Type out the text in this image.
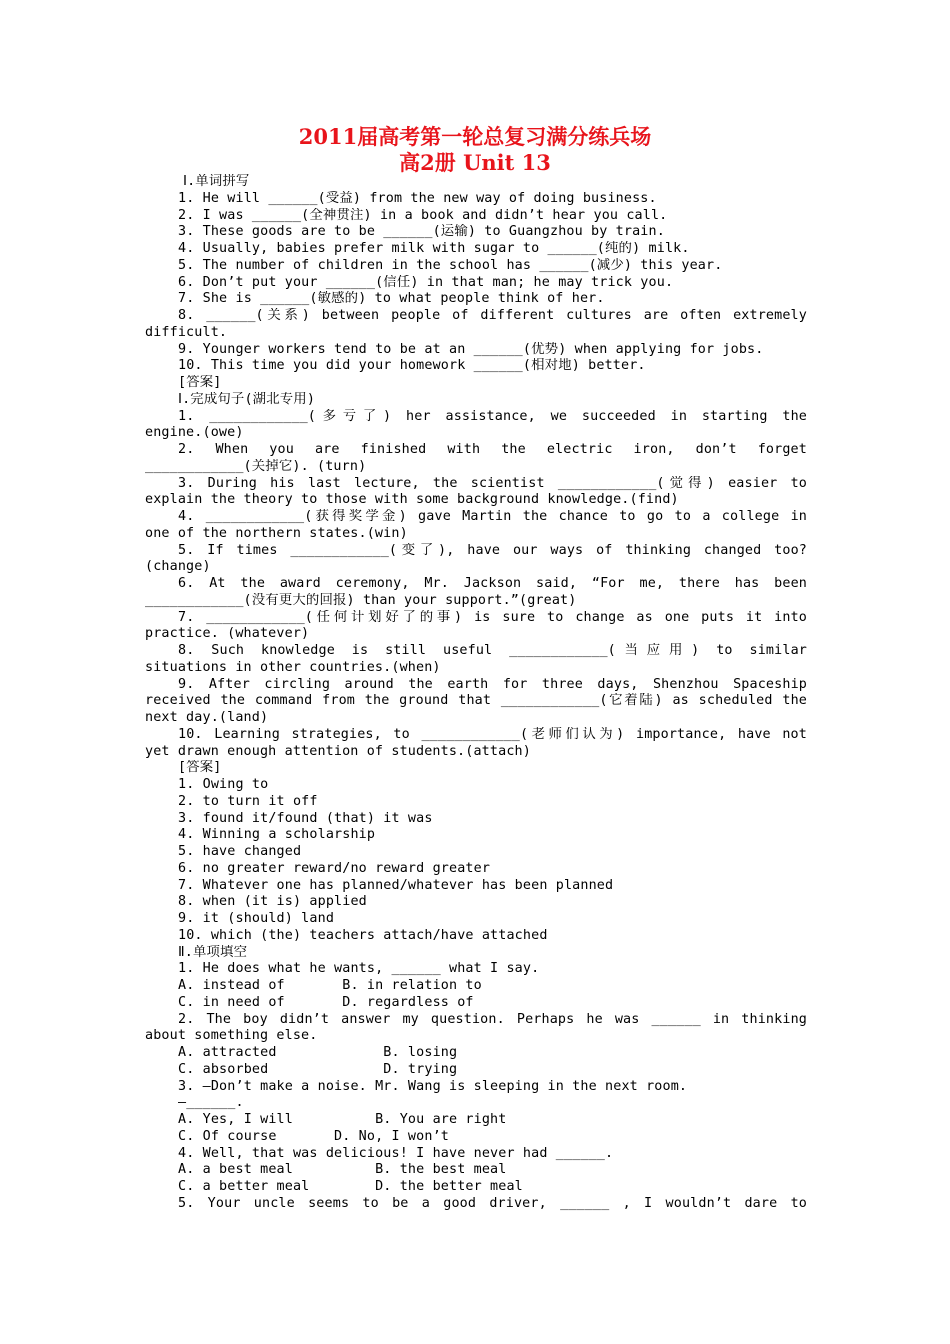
2011届高考第一轮总复习满分练兵场
高2册 Unit 13
Ⅰ.单词拼写
1. He will ______(受益) from the new way of doing business.
2. I was ______(全神贯注) in a book and didn’t hear you call.
3. These goods are to be ______(运输) to Guangzhou by train.
4. Usually, babies prefer milk with sugar to ______(纯的) milk.
5. The number of children in the school has ______(减少) this year.
6. Don’t put your ______(信任) in that man; he may trick you.
7. She is ______(敏感的) to what people think of her.
8. ______(关系) between people of different cultures are often extremely
difficult.
9. Younger workers tend to be at an ______(优势) when applying for jobs.
10. This time you did your homework ______(相对地) better.
[答案]
Ⅰ.完成句子(湖北专用)
1. ____________(多亏了) her assistance, we succeeded in starting the
engine.(owe)
2. When you are finished with the electric iron, don’t forget
____________(关掉它). (turn)
3. During his last lecture, the scientist ____________(觉得) easier to
explain the theory to those with some background knowledge.(find)
4. ____________(获得奖学金) gave Martin the chance to go to a college in
one of the northern states.(win)
5. If times ____________(变了), have our ways of thinking changed too?
(change)
6. At the award ceremony, Mr. Jackson said, “For me, there has been
____________(没有更大的回报) than your support.”(great)
7. ____________(任何计划好了的事) is sure to change as one puts it into
practice. (whatever)
8. Such knowledge is still useful ____________(当应用) to similar
situations in other countries.(when)
9. After circling around the earth for three days, Shenzhou Spaceship
received the command from the ground that ____________(它着陆) as scheduled the
next day.(land)
10. Learning strategies, to ____________(老师们认为) importance, have not
yet drawn enough attention of students.(attach)
[答案]
1. Owing to
2. to turn it off
3. found it/found (that) it was
4. Winning a scholarship
5. have changed
6. no greater reward/no reward greater
7. Whatever one has planned/whatever has been planned
8. when (it is) applied
9. it (should) land
10. which (the) teachers attach/have attached
Ⅱ.单项填空
1. He does what he wants, ______ what I say.
A. instead of       B. in relation to
C. in need of       D. regardless of
2. The boy didn’t answer my question. Perhaps he was ______ in thinking
about something else.
A. attracted             B. losing
C. absorbed              D. trying
3. —Don’t make a noise. Mr. Wang is sleeping in the next room.
—______.
A. Yes, I will          B. You are right
C. Of course       D. No, I won’t
4. Well, that was delicious! I have never had ______.
A. a best meal          B. the best meal
C. a better meal        D. the better meal
5. Your uncle seems to be a good driver, ______ , I wouldn’t dare to
